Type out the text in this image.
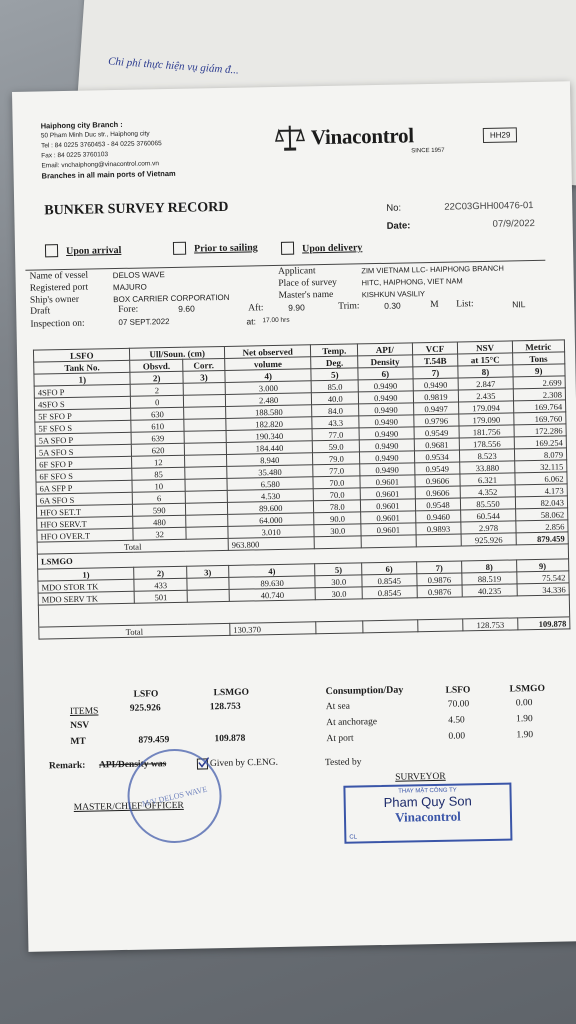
Chi phí thực hiện vụ giám đ...
Haiphong city Branch :
50 Pham Minh Duc str., Haiphong city
Tel : 84 0225 3760453 - 84 0225 3760065
Fax : 84 0225 3760103
Email: vnchaiphong@vinacontrol.com.vn
Branches in all main ports of Vietnam
Vinacontrol
SINCE 1957
HH29
BUNKER SURVEY RECORD	No:	22C03GHH00476-01
Date:	07/9/2022
Upon arrival	Prior to sailing	Upon delivery
Name of vessel	DELOS WAVE		Applicant	ZIM VIETNAM LLC- HAIPHONG BRANCH
Registered port	MAJURO		Place of survey	HITC, HAIPHONG, VIET NAM
Ship's owner	BOX CARRIER CORPORATION		Master's name	KISHKUN VASILIY
Draft	Fore:	9.60	Aft:	9.90	Trim:	0.30	M List:	NIL
Inspection on:	07 SEPT.2022	at: 17.00 hrs
LSFO	Ull/Soun. (cm)		Net observed	Temp.	API/	VCF	NSV	Metric
Tank No.	Obsvd.	Corr.	volume	Deg.	Density	T.54B	at 15°C	Tons
1)	2)	3)	4)	5)	6)	7)	8)	9)
4SFO P	2		3.000	85.0	0.9490	0.9490	2.847	2.699
4SFO S	0		2.480	40.0	0.9490	0.9819	2.435	2.308
5F SFO P	630		188.580	84.0	0.9490	0.9497	179.094	169.764
5F SFO S	610		182.820	43.3	0.9490	0.9796	179.090	169.760
5A SFO P	639		190.340	77.0	0.9490	0.9549	181.756	172.286
5A SFO S	620		184.440	59.0	0.9490	0.9681	178.556	169.254
6F SFO P	12		8.940	79.0	0.9490	0.9534	8.523	8.079
6F SFO S	85		35.480	77.0	0.9490	0.9549	33.880	32.115
6A SFP P	10		6.580	70.0	0.9601	0.9606	6.321	6.062
6A SFO S	6		4.530	70.0	0.9601	0.9606	4.352	4.173
HFO SET.T	590		89.600	78.0	0.9601	0.9548	85.550	82.043
HFO SERV.T	480		64.000	90.0	0.9601	0.9460	60.544	58.062
HFO OVER.T	32		3.010	30.0	0.9601	0.9893	2.978	2.856
Total			963.800				925.926	879.459
LSMGO								
1)	2)	3)	4)	5)	6)	7)	8)	9)
MDO STOR TK	433		89.630	30.0	0.8545	0.9876	88.519	75.542
MDO SERV TK	501		40.740	30.0	0.8545	0.9876	40.235	34.336

Total			130.370				128.753	109.878
LSFO	LSMGO
ITEMS	925.926	128.753
NSV
MT	879.459	109.878
Consumption/Day	LSFO	LSMGO
At sea	70.00	0.00
At anchorage	4.50	1.90
At port	0.00	1.90
Remark: API/Density was	Given by C.ENG.	Tested by
MASTER/CHIEF OFFICER
M/V DELOS WAVE
SURVEYOR
THAY MẶT CÔNG TY
Pham Quy Son
Vinacontrol
CL
